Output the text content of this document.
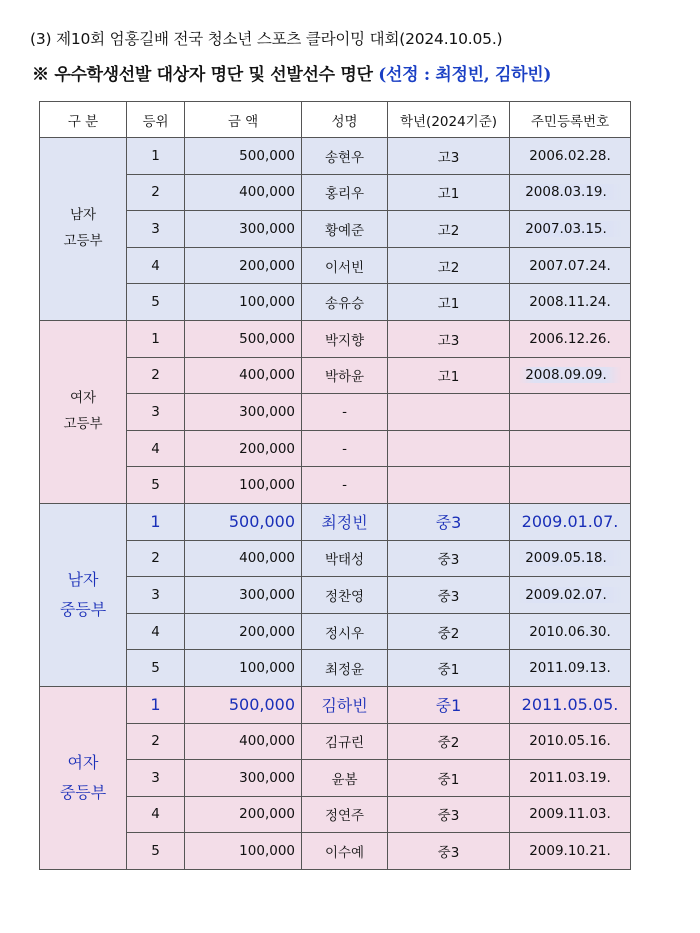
(3) 제10회 엄홍길배 전국 청소년 스포츠 클라이밍 대회(2024.10.05.)
※ 우수학생선발 대상자 명단 및 선발선수 명단 (선정 : 최정빈, 김하빈)
구 분	등위	금 액	성명	학년(2024기준)	주민등록번호

남자
고등부	1	500,000	송현우	고3	2006.02.28.
	2	400,000	홍리우	고1	2008.03.19.
	3	300,000	황예준	고2	2007.03.15.
	4	200,000	이서빈	고2	2007.07.24.
	5	100,000	송유승	고1	2008.11.24.

여자
고등부	1	500,000	박지향	고3	2006.12.26.
	2	400,000	박하윤	고1	2008.09.09.
	3	300,000	-		
	4	200,000	-		
	5	100,000	-		

남자
중등부	1	500,000	최정빈	중3	2009.01.07.
	2	400,000	박태성	중3	2009.05.18.
	3	300,000	정찬영	중3	2009.02.07.
	4	200,000	정시우	중2	2010.06.30.
	5	100,000	최정윤	중1	2011.09.13.

여자
중등부	1	500,000	김하빈	중1	2011.05.05.
	2	400,000	김규린	중2	2010.05.16.
	3	300,000	윤봄	중1	2011.03.19.
	4	200,000	정연주	중3	2009.11.03.
	5	100,000	이수예	중3	2009.10.21.
